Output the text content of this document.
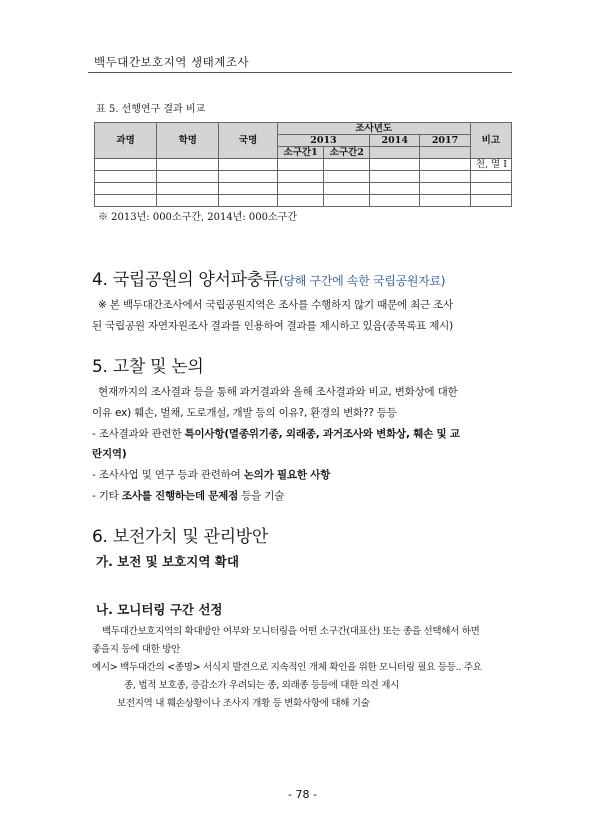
백두대간보호지역 생태계조사
표 5. 선행연구 결과 비교
과명	학명	국명	조사년도				비고
			2013		2014	2017	
			소구간1	소구간2			
							천, 멸 I

※ 2013년: 000소구간, 2014년: 000소구간
4. 국립공원의 양서파충류(당해 구간에 속한 국립공원자료)
※ 본 백두대간조사에서 국립공원지역은 조사를 수행하지 않기 때문에 최근 조사
된 국립공원 자연자원조사 결과를 인용하여 결과를 제시하고 있음(종목록표 제시)
5. 고찰 및 논의
현재까지의 조사결과 등을 통해 과거결과와 올해 조사결과와 비교, 변화상에 대한
이유 ex) 훼손, 벌채, 도로개설, 개발 등의 이유?, 환경의 변화?? 등등
- 조사결과와 관련한 특이사항(멸종위기종, 외래종, 과거조사와 변화상, 훼손 및 교
란지역)
- 조사사업 및 연구 등과 관련하여 논의가 필요한 사항
- 기타 조사를 진행하는데 문제점 등을 기술
6. 보전가치 및 관리방안
가. 보전 및 보호지역 확대
나. 모니터링 구간 선정
백두대간보호지역의 확대방안 여부와 모니터링을 어떤 소구간(대표산) 또는 종을 선택해서 하면
좋을지 등에 대한 방안
예시> 백두대간의 <종명> 서식지 발견으로 지속적인 개체 확인을 위한 모니터링 필요 등등.. 주요
종, 법적 보호종, 증감소가 우려되는 종, 외래종 등등에 대한 의견 제시
보전지역 내 훼손상황이나 조사지 개황 등 변화사항에 대해 기술
- 78 -
